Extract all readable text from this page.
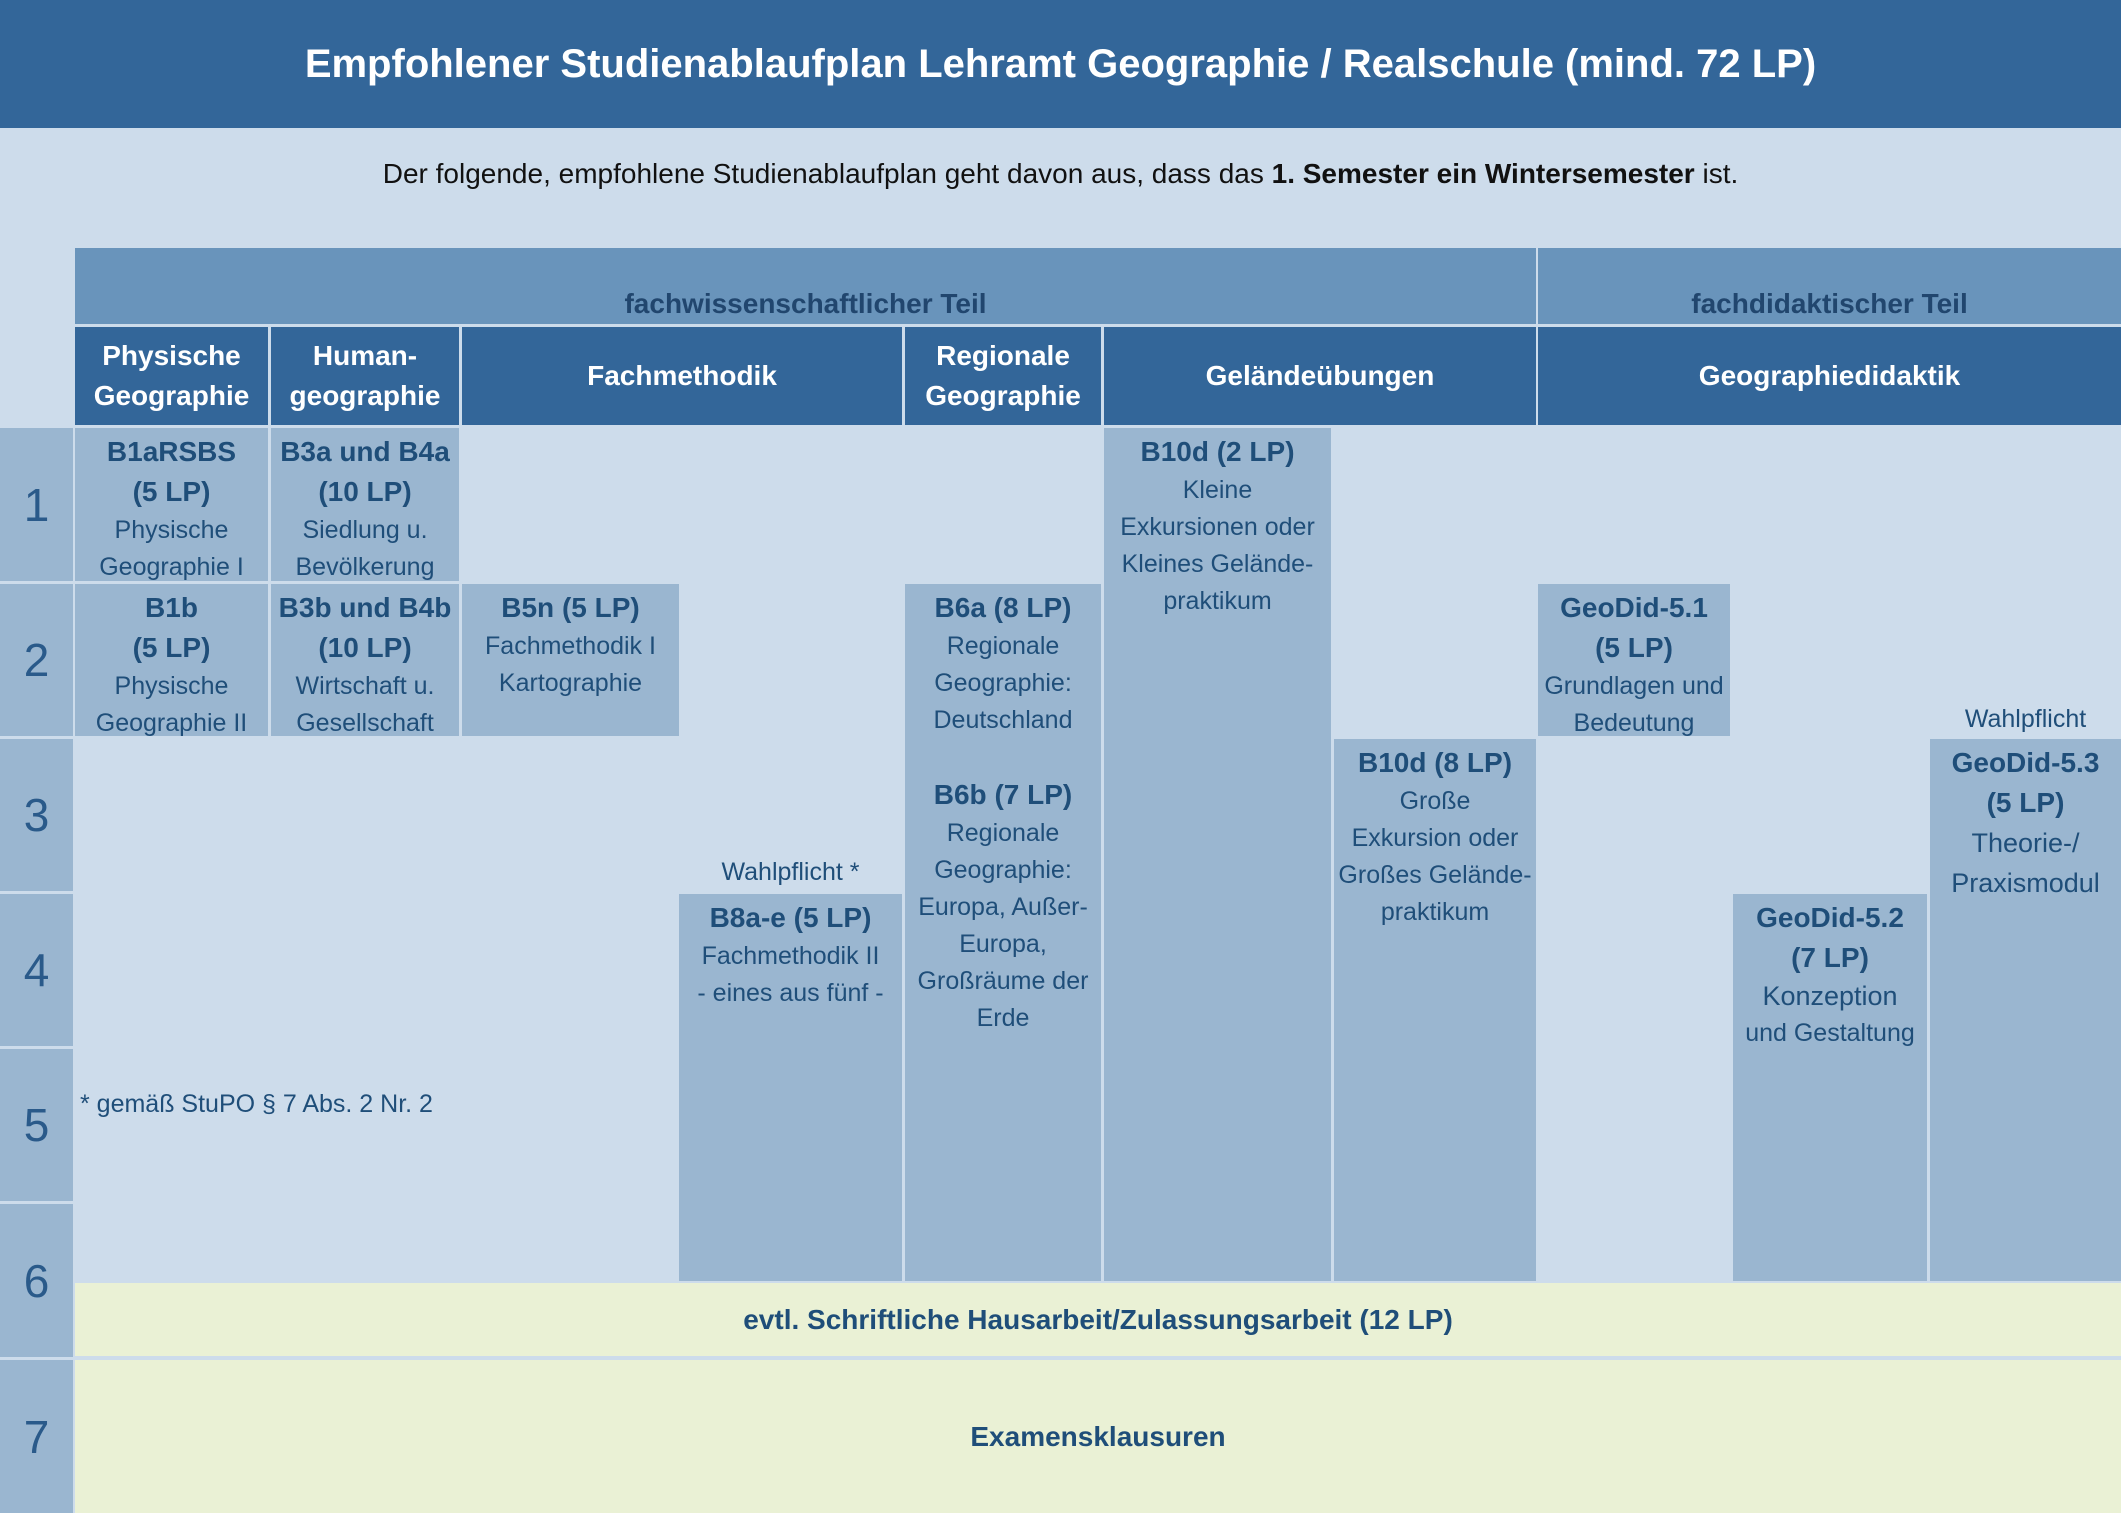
Empfohlener Studienablaufplan Lehramt Geographie / Realschule (mind. 72 LP)
Der folgende, empfohlene Studienablaufplan geht davon aus, dass das 1. Semester ein Wintersemester ist.
fachwissenschaftlicher Teil	fachdidaktischer Teil
Physische
Geographie
Human-
geographie
Fachmethodik
Regionale
Geographie
Geländeübungen	Geographiedidaktik
1
2
3
4
5
6
7
B1aRSBS
(5 LP)
Physische
Geographie I
B3a und B4a
(10 LP)
Siedlung u.
Bevölkerung
B1b
(5 LP)
Physische
Geographie II
B3b und B4b
(10 LP)
Wirtschaft u.
Gesellschaft
B5n (5 LP)
Fachmethodik I
Kartographie
B6a (8 LP)
Regionale
Geographie:
Deutschland
B6b (7 LP)
Regionale
Geographie:
Europa, Außer-
Europa,
Großräume der
Erde
B10d (2 LP)
Kleine
Exkursionen oder
Kleines Gelände-
praktikum
B10d (8 LP)
Große
Exkursion oder
Großes Gelände-
praktikum
Wahlpflicht *
B8a-e (5 LP)
Fachmethodik II
- eines aus fünf -
GeoDid-5.1
(5 LP)
Grundlagen und
Bedeutung
GeoDid-5.2
(7 LP)
Konzeption
und Gestaltung
Wahlpflicht
GeoDid-5.3
(5 LP)
Theorie-/
Praxismodul
* gemäß StuPO § 7 Abs. 2 Nr. 2
evtl. Schriftliche Hausarbeit/Zulassungsarbeit (12 LP)
Examensklausuren
